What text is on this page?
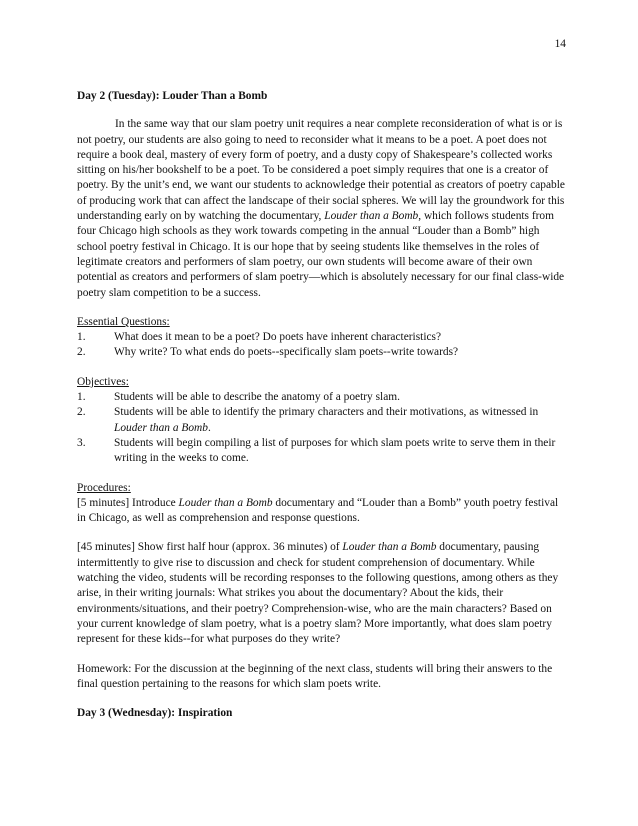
14

Day 2 (Tuesday): Louder Than a Bomb

In the same way that our slam poetry unit requires a near complete reconsideration of what is or is not poetry, our students are also going to need to reconsider what it means to be a poet. A poet does not require a book deal, mastery of every form of poetry, and a dusty copy of Shakespeare’s collected works sitting on his/her bookshelf to be a poet. To be considered a poet simply requires that one is a creator of poetry. By the unit’s end, we want our students to acknowledge their potential as creators of poetry capable of producing work that can affect the landscape of their social spheres. We will lay the groundwork for this understanding early on by watching the documentary, Louder than a Bomb, which follows students from four Chicago high schools as they work towards competing in the annual “Louder than a Bomb” high school poetry festival in Chicago. It is our hope that by seeing students like themselves in the roles of legitimate creators and performers of slam poetry, our own students will become aware of their own potential as creators and performers of slam poetry—which is absolutely necessary for our final class-wide poetry slam competition to be a success.

Essential Questions:

1.	What does it mean to be a poet? Do poets have inherent characteristics?
2.	Why write? To what ends do poets--specifically slam poets--write towards?

Objectives:

1.	Students will be able to describe the anatomy of a poetry slam.
2.	Students will be able to identify the primary characters and their motivations, as witnessed in Louder than a Bomb.
3.	Students will begin compiling a list of purposes for which slam poets write to serve them in their writing in the weeks to come.

Procedures:

[5 minutes] Introduce Louder than a Bomb documentary and “Louder than a Bomb” youth poetry festival in Chicago, as well as comprehension and response questions.

[45 minutes] Show first half hour (approx. 36 minutes) of Louder than a Bomb documentary, pausing intermittently to give rise to discussion and check for student comprehension of documentary. While watching the video, students will be recording responses to the following questions, among others as they arise, in their writing journals: What strikes you about the documentary? About the kids, their environments/situations, and their poetry? Comprehension-wise, who are the main characters? Based on your current knowledge of slam poetry, what is a poetry slam? More importantly, what does slam poetry represent for these kids--for what purposes do they write?

Homework: For the discussion at the beginning of the next class, students will bring their answers to the final question pertaining to the reasons for which slam poets write.

Day 3 (Wednesday): Inspiration
